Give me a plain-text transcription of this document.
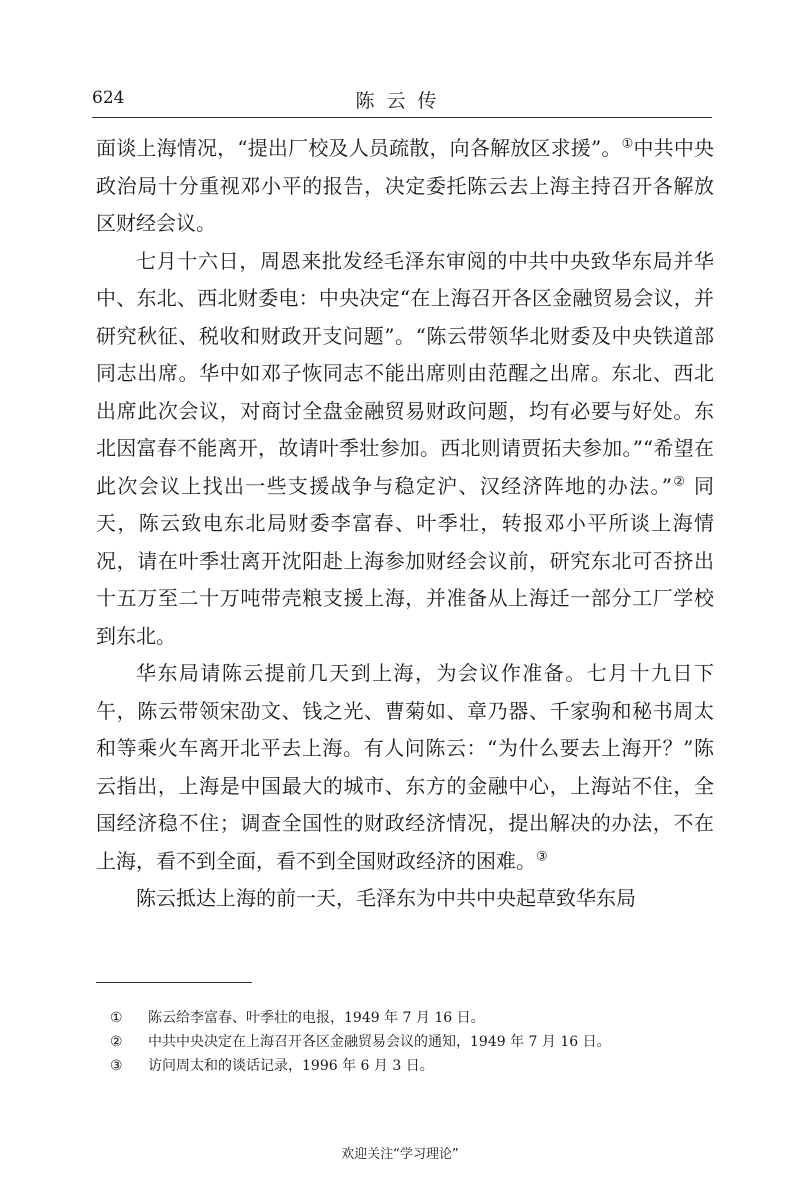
624	陈云传

面谈上海情况，“提出厂校及人员疏散，向各解放区求援”。①中共中央政治局十分重视邓小平的报告，决定委托陈云去上海主持召开各解放区财经会议。

七月十六日，周恩来批发经毛泽东审阅的中共中央致华东局并华中、东北、西北财委电：中央决定“在上海召开各区金融贸易会议，并研究秋征、税收和财政开支问题”。“陈云带领华北财委及中央铁道部同志出席。华中如邓子恢同志不能出席则由范醒之出席。东北、西北出席此次会议，对商讨全盘金融贸易财政问题，均有必要与好处。东北因富春不能离开，故请叶季壮参加。西北则请贾拓夫参加。”“希望在此次会议上找出一些支援战争与稳定沪、汉经济阵地的办法。”② 同天，陈云致电东北局财委李富春、叶季壮，转报邓小平所谈上海情况，请在叶季壮离开沈阳赴上海参加财经会议前，研究东北可否挤出十五万至二十万吨带壳粮支援上海，并准备从上海迁一部分工厂学校到东北。

华东局请陈云提前几天到上海，为会议作准备。七月十九日下午，陈云带领宋劭文、钱之光、曹菊如、章乃器、千家驹和秘书周太和等乘火车离开北平去上海。有人问陈云：“为什么要去上海开？”陈云指出，上海是中国最大的城市、东方的金融中心，上海站不住，全国经济稳不住；调查全国性的财政经济情况，提出解决的办法，不在上海，看不到全面，看不到全国财政经济的困难。③

陈云抵达上海的前一天，毛泽东为中共中央起草致华东局

① 陈云给李富春、叶季壮的电报，1949 年 7 月 16 日。
② 中共中央决定在上海召开各区金融贸易会议的通知，1949 年 7 月 16 日。
③ 访问周太和的谈话记录，1996 年 6 月 3 日。
欢迎关注“学习理论”
